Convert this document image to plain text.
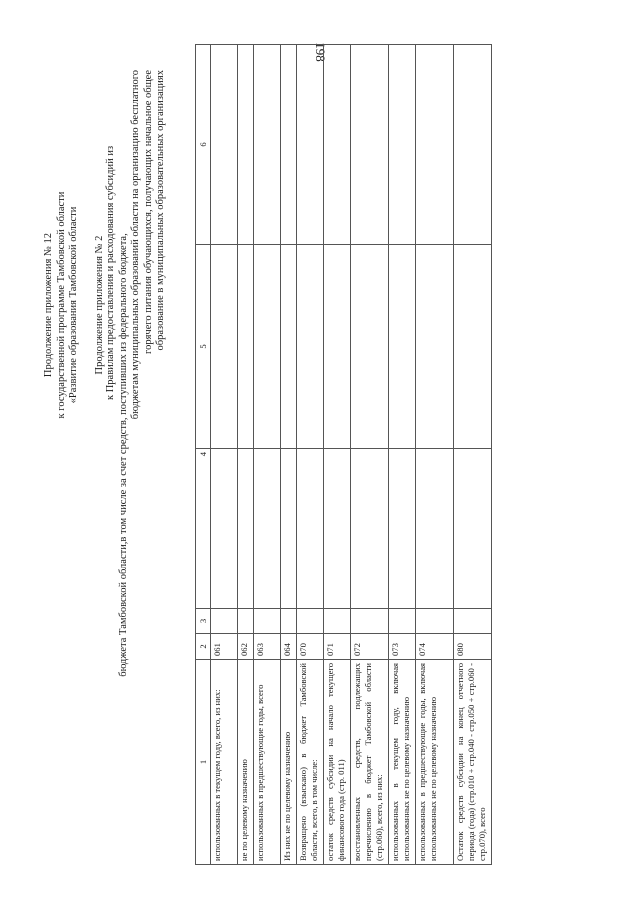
198
Продолжение приложения № 12 к государственной программе Тамбовской области «Развитие образования Тамбовской области Продолжение приложения № 2 к Правилам предоставления и расходования субсидий из бюджета Тамбовской области,в том числе за счет средств, поступивших из федерального бюджета, бюджетам муниципальных образований области на организацию бесплатного горячего питания обучающихся, получающих начальное общее образование в муниципальных образовательных организациях
1	2	3	4	5	6
использованных в текущем году, всего, из них:	061				
не по целевому назначению	062				
использованных в предшествующие годы, всего	063				
Из них не по целевому назначению	064				
Возвращено (взыскано) в бюджет Тамбовской области, всего, в том числе:	070				
остаток средств субсидии на начало текущего финансового года (стр. 011)	071				
восстановленных средств, подлежащих перечислению в бюджет Тамбовской области (стр.060), всего, из них:	072				
использованных в текущем году, включая использованных не по целевому назначению	073				
использованных в предшествующие годы, включая использованных не по целевому назначению	074				
Остаток средств субсидии на конец отчетного периода (года) (стр.010 + стр.040 - стр.050 + стр.060 - стр.070), всего	080				
